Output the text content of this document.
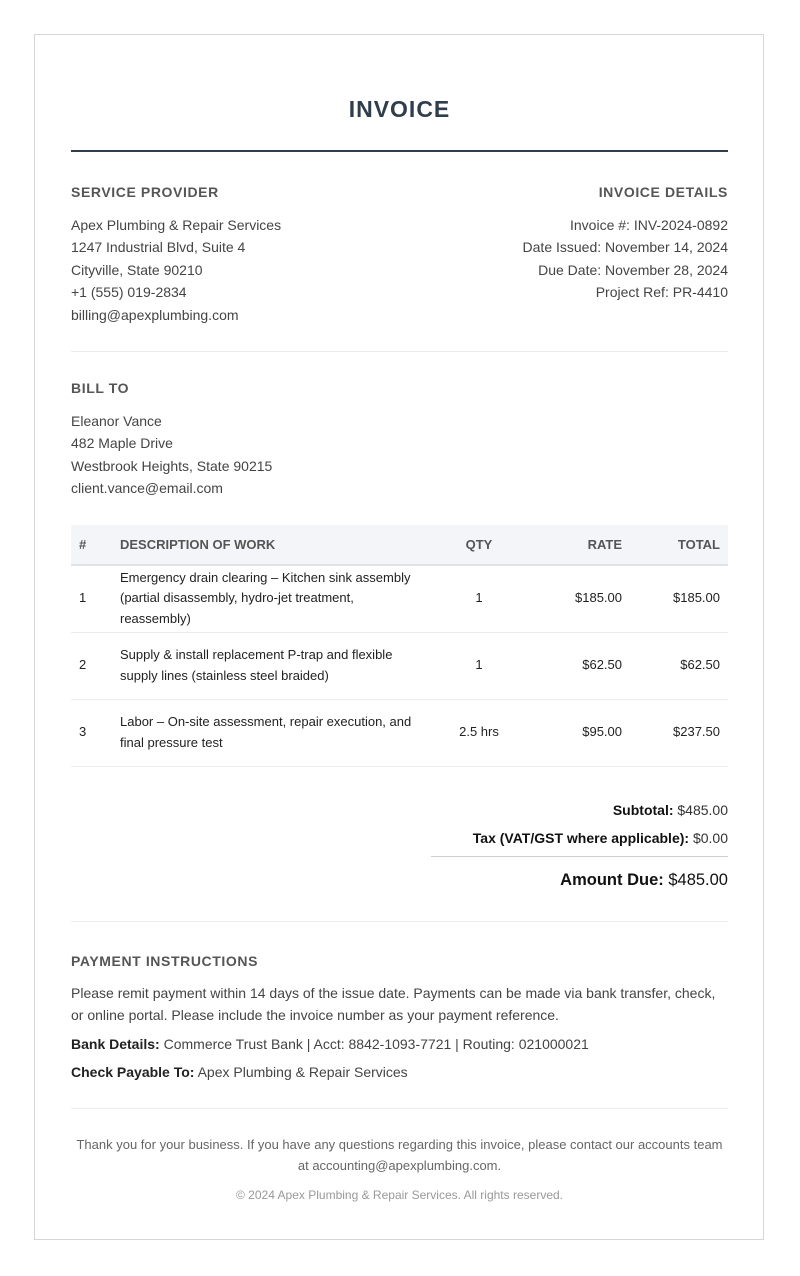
INVOICE
SERVICE PROVIDER

Apex Plumbing & Repair Services

1247 Industrial Blvd, Suite 4

Cityville, State 90210

+1 (555) 019-2834

billing@apexplumbing.com

INVOICE DETAILS

Invoice #: INV-2024-0892

Date Issued: November 14, 2024

Due Date: November 28, 2024

Project Ref: PR-4410

BILL TO

Eleanor Vance

482 Maple Drive

Westbrook Heights, State 90215

client.vance@email.com

#	DESCRIPTION OF WORK	QTY	RATE	TOTAL
1	Emergency drain clearing – Kitchen sink assembly (partial disassembly, hydro-jet treatment, reassembly)	1	$185.00	$185.00
2	Supply & install replacement P-trap and flexible supply lines (stainless steel braided)	1	$62.50	$62.50
3	Labor – On-site assessment, repair execution, and final pressure test	2.5 hrs	$95.00	$237.50
Subtotal: $485.00
Tax (VAT/GST where applicable): $0.00
Amount Due: $485.00
PAYMENT INSTRUCTIONS

Please remit payment within 14 days of the issue date. Payments can be made via bank transfer, check, or online portal. Please include the invoice number as your payment reference.

Bank Details: Commerce Trust Bank | Acct: 8842-1093-7721 | Routing: 021000021

Check Payable To: Apex Plumbing & Repair Services

Thank you for your business. If you have any questions regarding this invoice, please contact our accounts team at accounting@apexplumbing.com.

© 2024 Apex Plumbing & Repair Services. All rights reserved.
